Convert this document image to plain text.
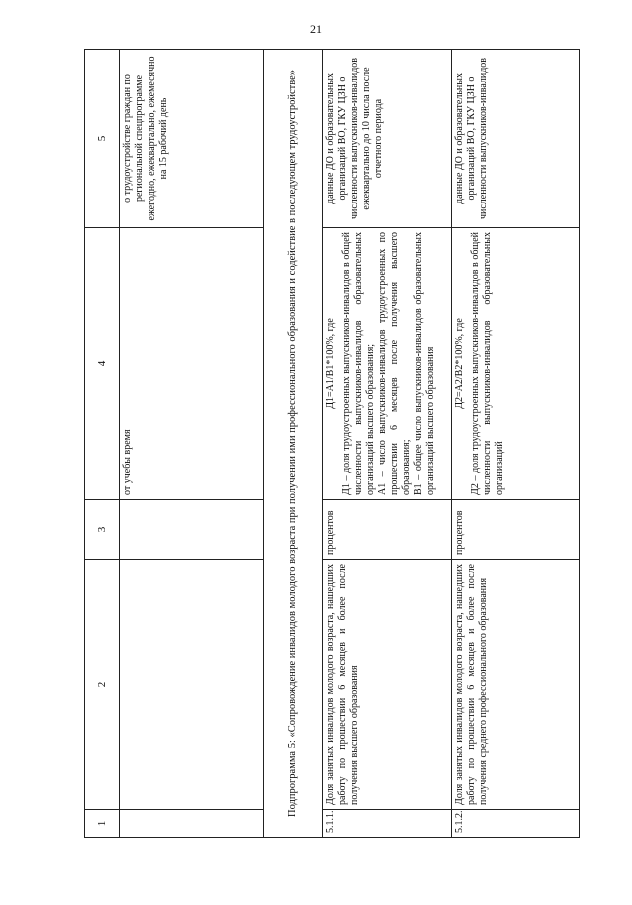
21
1	2	3	4	5
			от учебы время	о трудоустройстве граждан по региональной спецпрограмме ежегодно, ежеквартально, ежемесячно на 15 рабочий день
Подпрограмма 5: «Сопровождение инвалидов молодого возраста при получении ими профессионального образования и содействие в последующем трудоустройстве»				
5.1.1.	Доля занятых инвалидов молодого возраста, нашедших работу по прошествии 6 месяцев и более после получения высшего образования	процентов	Д1=А1/В1*100%, где Д1 – доля трудоустроенных выпускников-инвалидов в общей численности выпускников-инвалидов образовательных организаций высшего образования; А1 – число выпускников-инвалидов трудоустроенных по прошествии 6 месяцев после получения высшего образования; В1 – общее число выпускников-инвалидов образовательных организаций высшего образования	данные ДО и образовательных организаций ВО, ГКУ ЦЗН о численности выпускников-инвалидов ежеквартально до 10 числа после отчетного периода
5.1.2.	Доля занятых инвалидов молодого возраста, нашедших работу по прошествии 6 месяцев и более после получения среднего профессионального образования	процентов	Д2=А2/В2*100%, где Д2 – доля трудоустроенных выпускников-инвалидов в общей численности выпускников-инвалидов образовательных организаций	данные ДО и образовательных организаций ВО, ГКУ ЦЗН о численности выпускников-инвалидов
